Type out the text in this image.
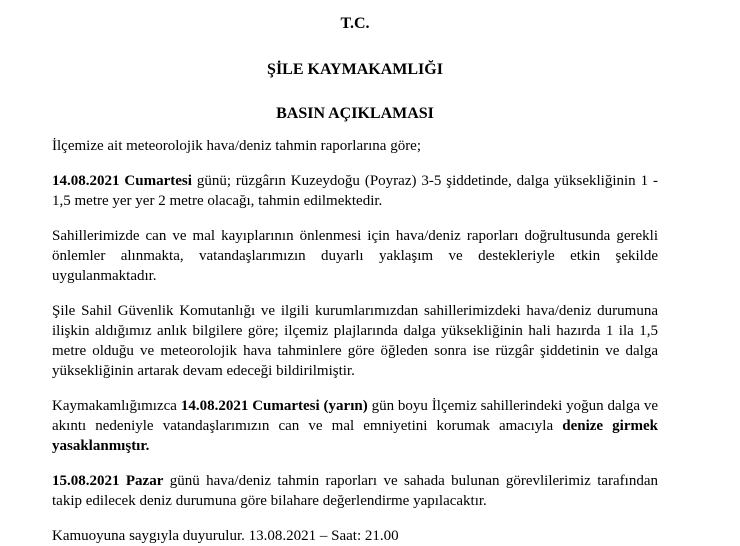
T.C.
ŞİLE KAYMAKAMLIĞI
BASIN AÇIKLAMASI

İlçemize ait meteorolojik hava/deniz tahmin raporlarına göre;

14.08.2021 Cumartesi günü; rüzgârın Kuzeydoğu (Poyraz) 3-5 şiddetinde, dalga yüksekliğinin 1 - 1,5 metre yer yer 2 metre olacağı, tahmin edilmektedir.

Sahillerimizde can ve mal kayıplarının önlenmesi için hava/deniz raporları doğrultusunda gerekli önlemler alınmakta, vatandaşlarımızın duyarlı yaklaşım ve destekleriyle etkin şekilde uygulanmaktadır.

Şile Sahil Güvenlik Komutanlığı ve ilgili kurumlarımızdan sahillerimizdeki hava/deniz durumuna ilişkin aldığımız anlık bilgilere göre; ilçemiz plajlarında dalga yüksekliğinin hali hazırda 1 ila 1,5 metre olduğu ve meteorolojik hava tahminlere göre öğleden sonra ise rüzgâr şiddetinin ve dalga yüksekliğinin artarak devam edeceği bildirilmiştir.

Kaymakamlığımızca 14.08.2021 Cumartesi (yarın) gün boyu İlçemiz sahillerindeki yoğun dalga ve akıntı nedeniyle vatandaşlarımızın can ve mal emniyetini korumak amacıyla denize girmek yasaklanmıştır.

15.08.2021 Pazar günü hava/deniz tahmin raporları ve sahada bulunan görevlilerimiz tarafından takip edilecek deniz durumuna göre bilahare değerlendirme yapılacaktır.

Kamuoyuna saygıyla duyurulur. 13.08.2021 – Saat: 21.00
